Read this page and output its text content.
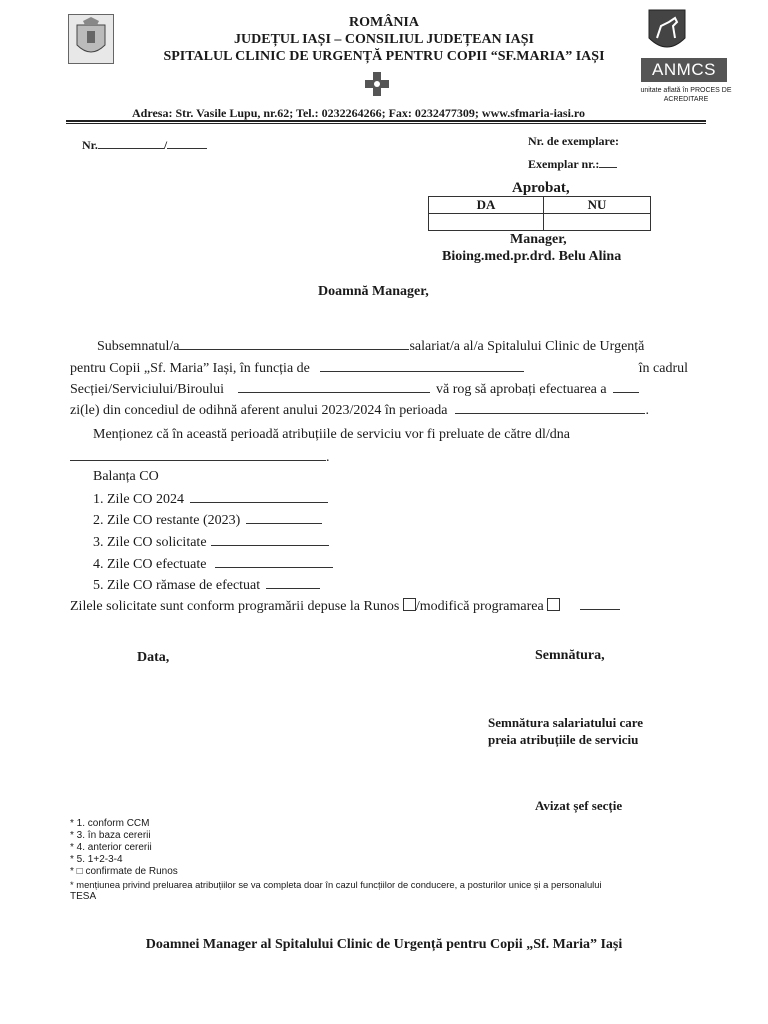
ROMÂNIA
JUDEȚUL IAȘI – CONSILIUL JUDEȚEAN IAȘI
SPITALUL CLINIC DE URGENȚĂ PENTRU COPII “SF.MARIA” IAȘI
ANMCS
unitate aflată în PROCES DE ACREDITARE
Adresa: Str. Vasile Lupu, nr.62; Tel.: 0232264266; Fax: 0232477309; www.sfmaria-iasi.ro
Nr.	/	Nr. de exemplare:
Exemplar nr.:
Aprobat,
DA	NU

Manager,
Bioing.med.pr.drd. Belu Alina
Doamnă Manager,
Subsemnatul/a	salariat/a al/a Spitalului Clinic de Urgență
pentru Copii „Sf. Maria” Iași, în funcția de	în cadrul
Secției/Serviciului/Biroului	vă rog să aprobați efectuarea a
zi(le) din concediul de odihnă aferent anului 2023/2024 în perioada	.
Menționez că în această perioadă atribuțiile de serviciu vor fi preluate de către dl/dna
.
Balanța CO
1. Zile CO 2024
2. Zile CO restante (2023)
3. Zile CO solicitate
4. Zile CO efectuate
5. Zile CO rămase de efectuat
Zilele solicitate sunt conform programării depuse la Runos /modifică programarea
Data,	Semnătura,
Semnătura salariatului care
preia atribuțiile de serviciu
Avizat șef secție
* 1. conform CCM
* 3. în baza cererii
* 4. anterior cererii
* 5. 1+2-3-4
* □ confirmate de Runos
* mențiunea privind preluarea atribuțiilor se va completa doar în cazul funcțiilor de conducere, a posturilor unice și a personalului
TESA
Doamnei Manager al Spitalului Clinic de Urgență pentru Copii „Sf. Maria” Iași
